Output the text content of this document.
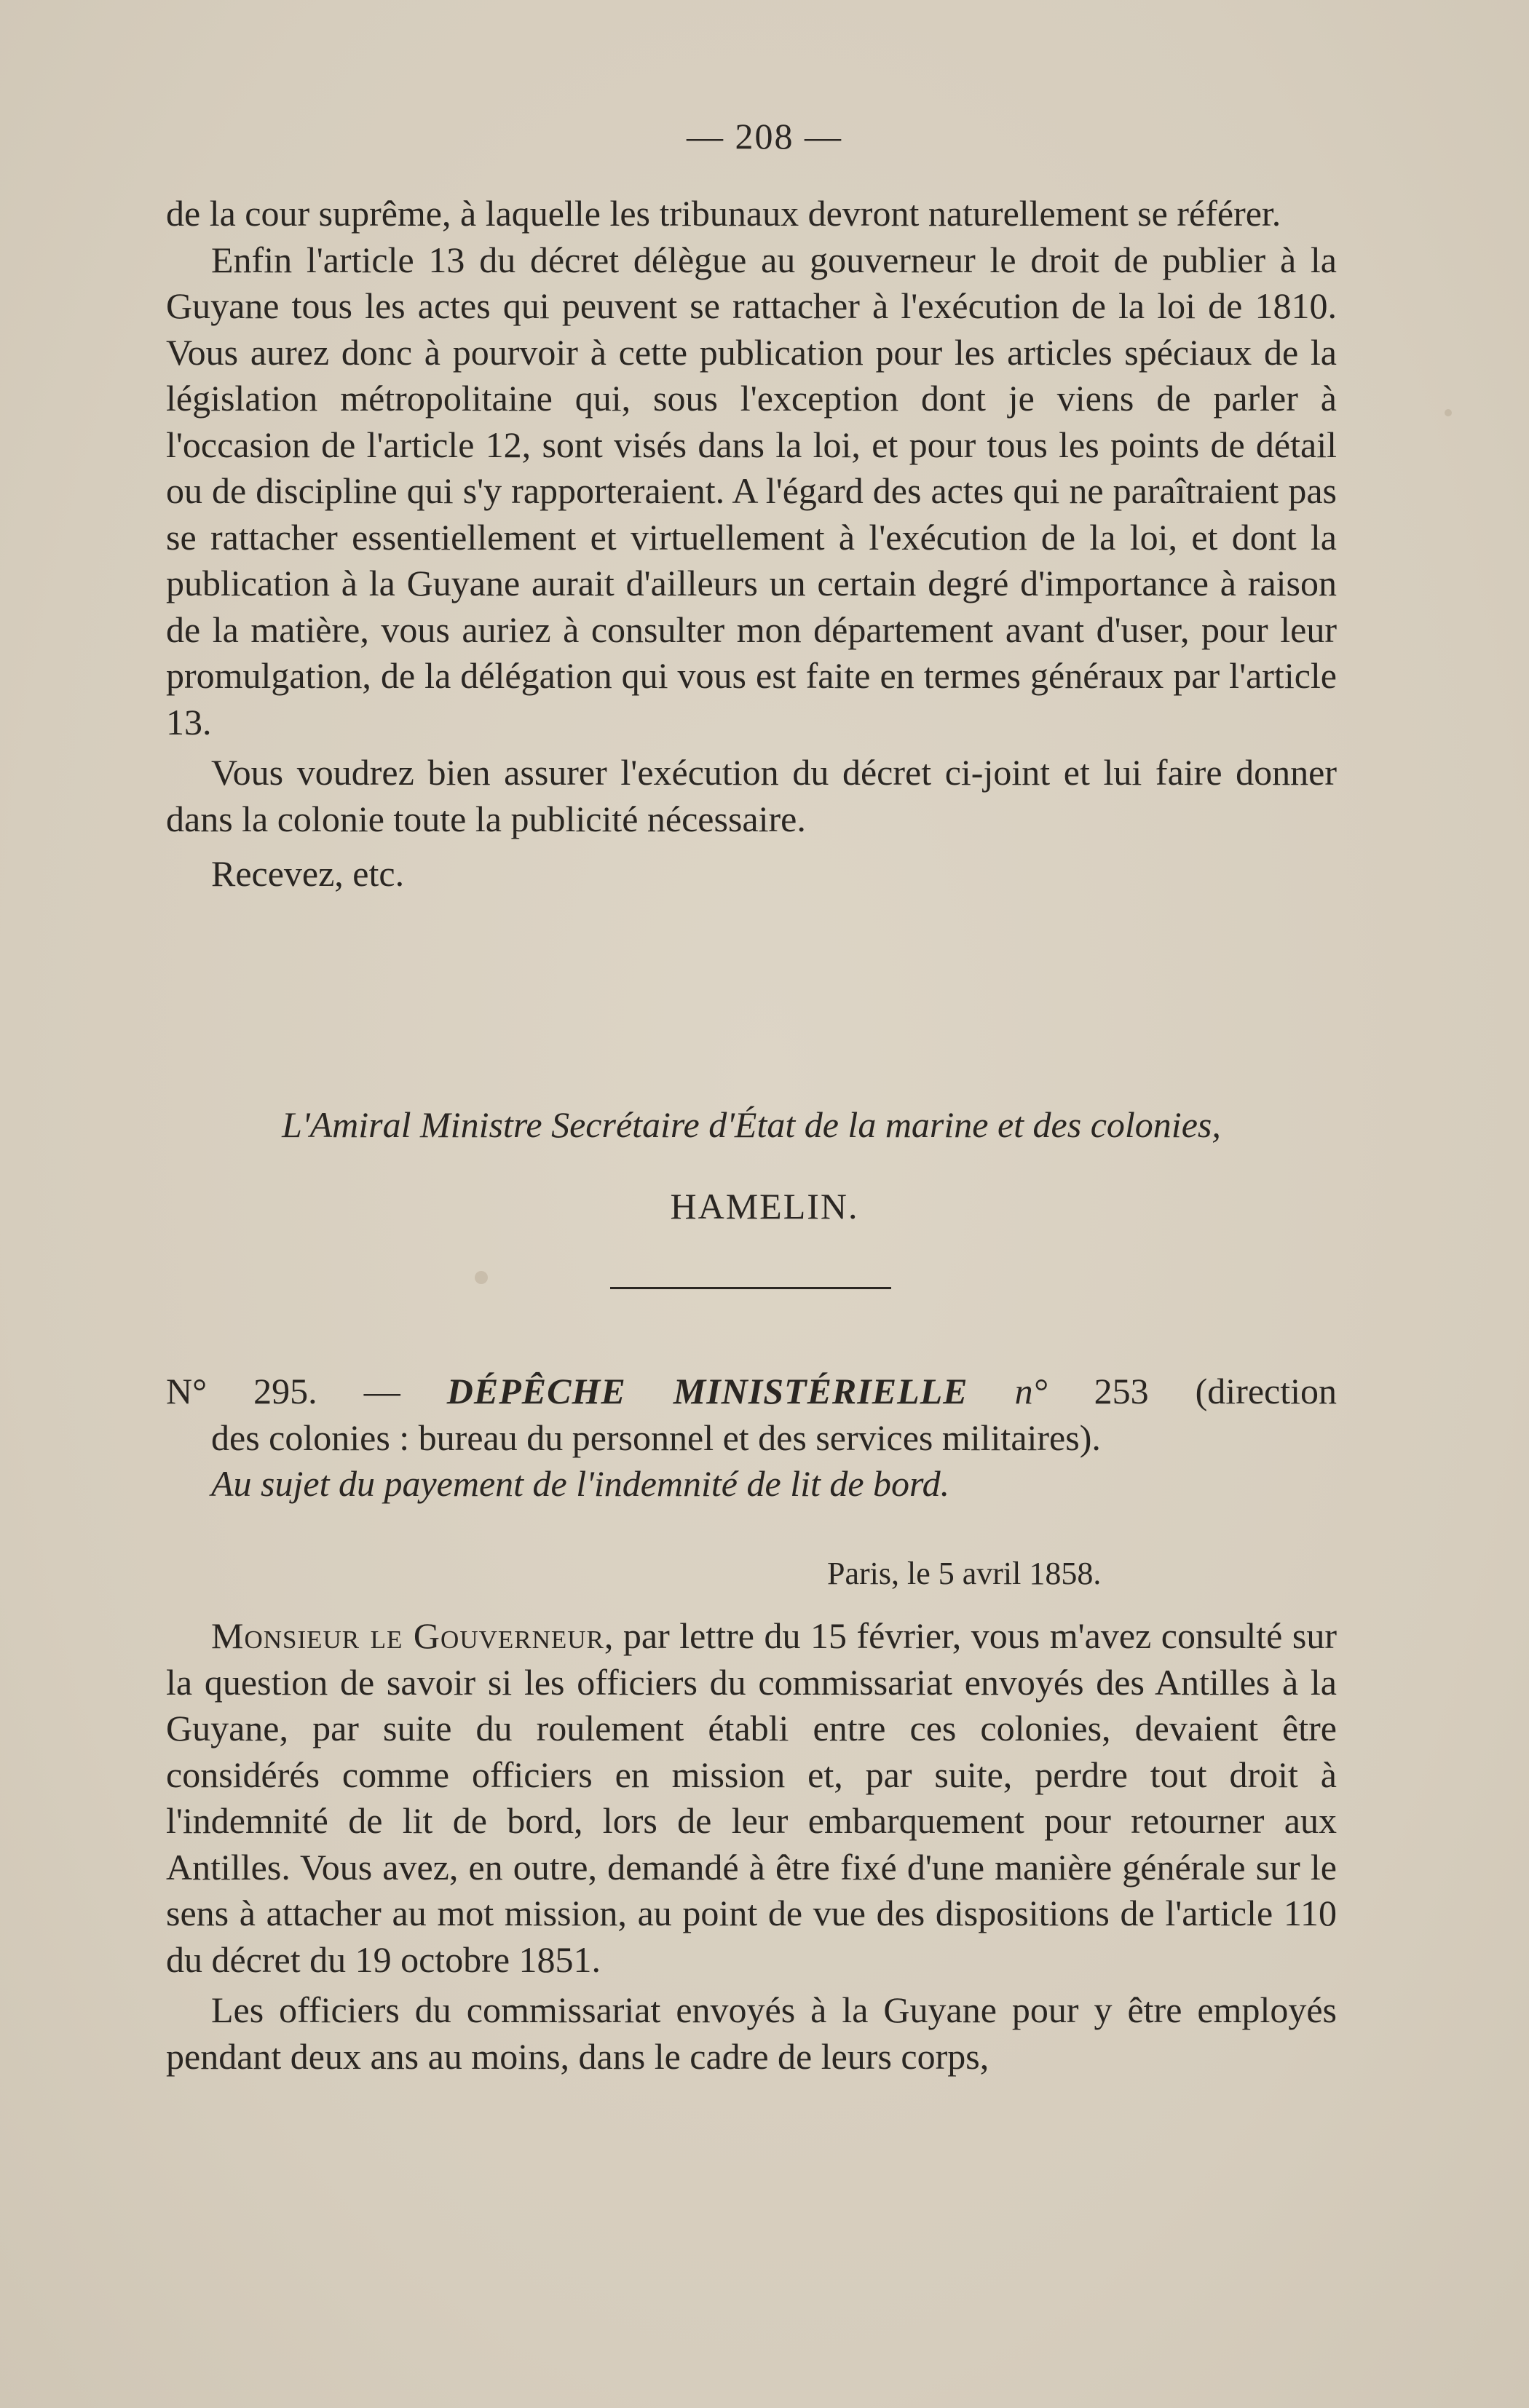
— 208 —

de la cour suprême, à laquelle les tribunaux devront naturellement se référer.

Enfin l'article 13 du décret délègue au gouverneur le droit de publier à la Guyane tous les actes qui peuvent se rattacher à l'exécution de la loi de 1810. Vous aurez donc à pourvoir à cette publication pour les articles spéciaux de la législation métropolitaine qui, sous l'exception dont je viens de parler à l'occasion de l'article 12, sont visés dans la loi, et pour tous les points de détail ou de discipline qui s'y rapporteraient. A l'égard des actes qui ne paraîtraient pas se rattacher essentiellement et virtuellement à l'exécution de la loi, et dont la publication à la Guyane aurait d'ailleurs un certain degré d'importance à raison de la matière, vous auriez à consulter mon département avant d'user, pour leur promulgation, de la délégation qui vous est faite en termes généraux par l'article 13.

Vous voudrez bien assurer l'exécution du décret ci-joint et lui faire donner dans la colonie toute la publicité nécessaire.

Recevez, etc.

L'Amiral Ministre Secrétaire d'État de la marine et des colonies,
HAMELIN.
N° 295. — DÉPÊCHE MINISTÉRIELLE n° 253 (direction
des colonies : bureau du personnel et des services militaires).
Au sujet du payement de l'indemnité de lit de bord.
Paris, le 5 avril 1858.

Monsieur le Gouverneur, par lettre du 15 février, vous m'avez consulté sur la question de savoir si les officiers du commissariat envoyés des Antilles à la Guyane, par suite du roulement établi entre ces colonies, devaient être considérés comme officiers en mission et, par suite, perdre tout droit à l'indemnité de lit de bord, lors de leur embarquement pour retourner aux Antilles. Vous avez, en outre, demandé à être fixé d'une manière générale sur le sens à attacher au mot mission, au point de vue des dispositions de l'article 110 du décret du 19 octobre 1851.

Les officiers du commissariat envoyés à la Guyane pour y être employés pendant deux ans au moins, dans le cadre de leurs corps,
